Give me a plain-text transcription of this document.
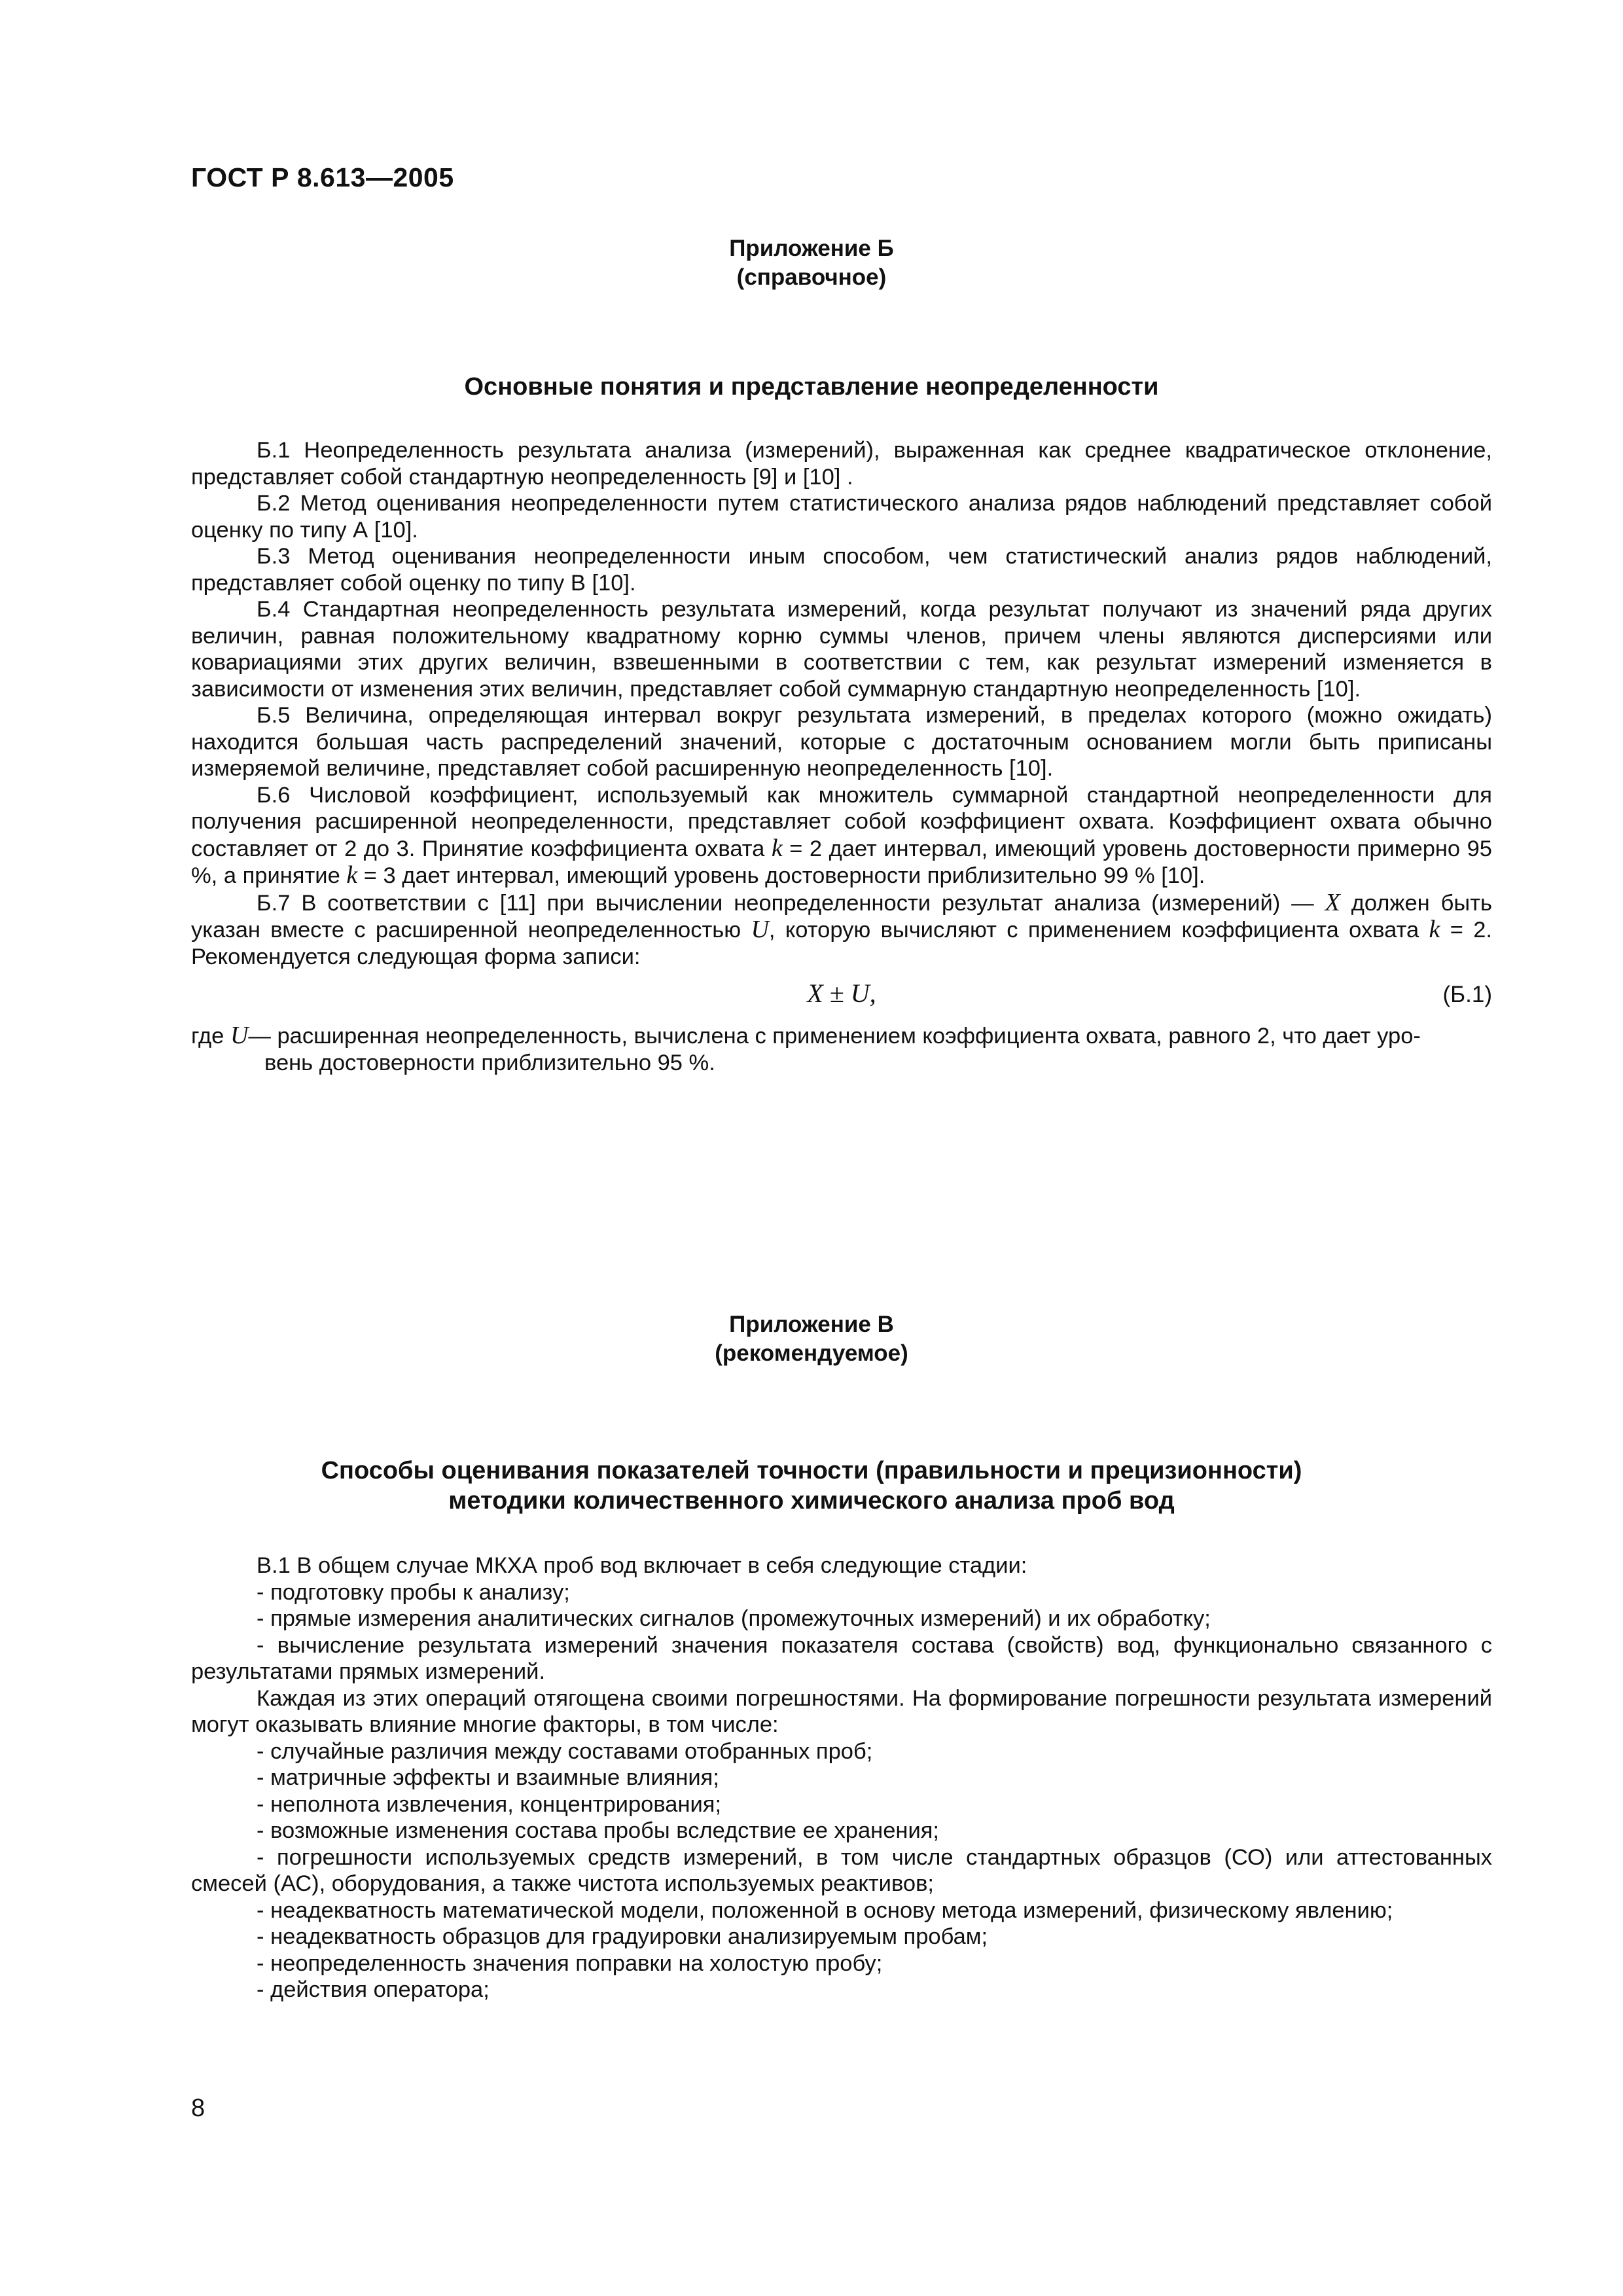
ГОСТ Р 8.613—2005
Приложение Б
(справочное)
Основные понятия и представление неопределенности

Б.1 Неопределенность результата анализа (измерений), выраженная как среднее квадратическое отклонение, представляет собой стандартную неопределенность [9] и [10] .

Б.2 Метод оценивания неопределенности путем статистического анализа рядов наблюдений представляет собой оценку по типу А [10].

Б.3 Метод оценивания неопределенности иным способом, чем статистический анализ рядов наблюдений, представляет собой оценку по типу В [10].

Б.4 Стандартная неопределенность результата измерений, когда результат получают из значений ряда других величин, равная положительному квадратному корню суммы членов, причем члены являются дисперсиями или ковариациями этих других величин, взвешенными в соответствии с тем, как результат измерений изменяется в зависимости от изменения этих величин, представляет собой суммарную стандартную неопределенность [10].

Б.5 Величина, определяющая интервал вокруг результата измерений, в пределах которого (можно ожидать) находится большая часть распределений значений, которые с достаточным основанием могли быть приписаны измеряемой величине, представляет собой расширенную неопределенность [10].

Б.6 Числовой коэффициент, используемый как множитель суммарной стандартной неопределенности для получения расширенной неопределенности, представляет собой коэффициент охвата. Коэффициент охвата обычно составляет от 2 до 3. Принятие коэффициента охвата k = 2 дает интервал, имеющий уровень достоверности примерно 95 %, а принятие k = 3 дает интервал, имеющий уровень достоверности приблизительно 99 % [10].

Б.7 В соответствии с [11] при вычислении неопределенности результат анализа (измерений) — X должен быть указан вместе с расширенной неопределенностью U, которую вычисляют с применением коэффициента охвата k = 2. Рекомендуется следующая форма записи:

X ± U,	(Б.1)

где U— расширенная неопределенность, вычислена с применением коэффициента охвата, равного 2, что дает уро-

вень достоверности приблизительно 95 %.

Приложение В
(рекомендуемое)
Способы оценивания показателей точности (правильности и прецизионности)
методики количественного химического анализа проб вод

В.1 В общем случае МКХА проб вод включает в себя следующие стадии:

- подготовку пробы к анализу;

- прямые измерения аналитических сигналов (промежуточных измерений) и их обработку;

- вычисление результата измерений значения показателя состава (свойств) вод, функционально связанного с результатами прямых измерений.

Каждая из этих операций отягощена своими погрешностями. На формирование погрешности результата измерений могут оказывать влияние многие факторы, в том числе:

- случайные различия между составами отобранных проб;

- матричные эффекты и взаимные влияния;

- неполнота извлечения, концентрирования;

- возможные изменения состава пробы вследствие ее хранения;

- погрешности используемых средств измерений, в том числе стандартных образцов (СО) или аттестованных смесей (АС), оборудования, а также чистота используемых реактивов;

- неадекватность математической модели, положенной в основу метода измерений, физическому явлению;

- неадекватность образцов для градуировки анализируемым пробам;

- неопределенность значения поправки на холостую пробу;

- действия оператора;

8
